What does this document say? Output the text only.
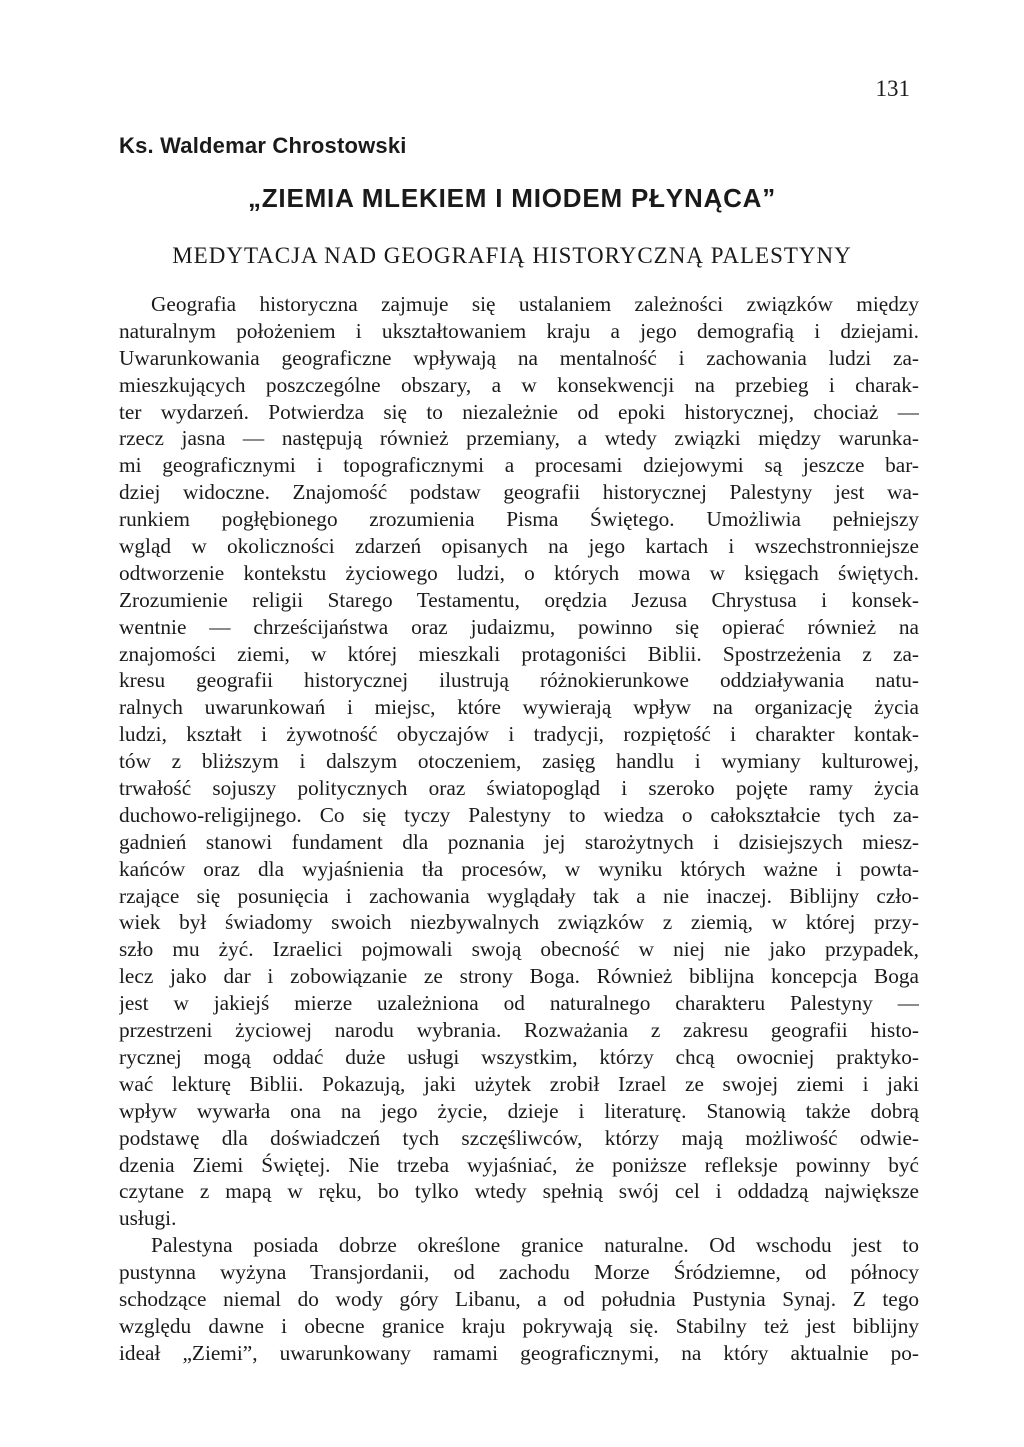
131
Ks. Waldemar Chrostowski
„ZIEMIA MLEKIEM I MIODEM PŁYNĄCA”
MEDYTACJA NAD GEOGRAFIĄ HISTORYCZNĄ PALESTYNY
Geografia historyczna zajmuje się ustalaniem zależności związków między
naturalnym położeniem i ukształtowaniem kraju a jego demografią i dziejami.
Uwarunkowania geograficzne wpływają na mentalność i zachowania ludzi za-
mieszkujących poszczególne obszary, a w konsekwencji na przebieg i charak-
ter wydarzeń. Potwierdza się to niezależnie od epoki historycznej, chociaż —
rzecz jasna — następują również przemiany, a wtedy związki między warunka-
mi geograficznymi i topograficznymi a procesami dziejowymi są jeszcze bar-
dziej widoczne. Znajomość podstaw geografii historycznej Palestyny jest wa-
runkiem pogłębionego zrozumienia Pisma Świętego. Umożliwia pełniejszy
wgląd w okoliczności zdarzeń opisanych na jego kartach i wszechstronniejsze
odtworzenie kontekstu życiowego ludzi, o których mowa w księgach świętych.
Zrozumienie religii Starego Testamentu, orędzia Jezusa Chrystusa i konsek-
wentnie — chrześcijaństwa oraz judaizmu, powinno się opierać również na
znajomości ziemi, w której mieszkali protagoniści Biblii. Spostrzeżenia z za-
kresu geografii historycznej ilustrują różnokierunkowe oddziaływania natu-
ralnych uwarunkowań i miejsc, które wywierają wpływ na organizację życia
ludzi, kształt i żywotność obyczajów i tradycji, rozpiętość i charakter kontak-
tów z bliższym i dalszym otoczeniem, zasięg handlu i wymiany kulturowej,
trwałość sojuszy politycznych oraz światopogląd i szeroko pojęte ramy życia
duchowo-religijnego. Co się tyczy Palestyny to wiedza o całokształcie tych za-
gadnień stanowi fundament dla poznania jej starożytnych i dzisiejszych miesz-
kańców oraz dla wyjaśnienia tła procesów, w wyniku których ważne i powta-
rzające się posunięcia i zachowania wyglądały tak a nie inaczej. Biblijny czło-
wiek był świadomy swoich niezbywalnych związków z ziemią, w której przy-
szło mu żyć. Izraelici pojmowali swoją obecność w niej nie jako przypadek,
lecz jako dar i zobowiązanie ze strony Boga. Również biblijna koncepcja Boga
jest w jakiejś mierze uzależniona od naturalnego charakteru Palestyny —
przestrzeni życiowej narodu wybrania. Rozważania z zakresu geografii histo-
rycznej mogą oddać duże usługi wszystkim, którzy chcą owocniej praktyko-
wać lekturę Biblii. Pokazują, jaki użytek zrobił Izrael ze swojej ziemi i jaki
wpływ wywarła ona na jego życie, dzieje i literaturę. Stanowią także dobrą
podstawę dla doświadczeń tych szczęśliwców, którzy mają możliwość odwie-
dzenia Ziemi Świętej. Nie trzeba wyjaśniać, że poniższe refleksje powinny być
czytane z mapą w ręku, bo tylko wtedy spełnią swój cel i oddadzą największe
usługi.
Palestyna posiada dobrze określone granice naturalne. Od wschodu jest to
pustynna wyżyna Transjordanii, od zachodu Morze Śródziemne, od północy
schodzące niemal do wody góry Libanu, a od południa Pustynia Synaj. Z tego
względu dawne i obecne granice kraju pokrywają się. Stabilny też jest biblijny
ideał „Ziemi”, uwarunkowany ramami geograficznymi, na który aktualnie po-
